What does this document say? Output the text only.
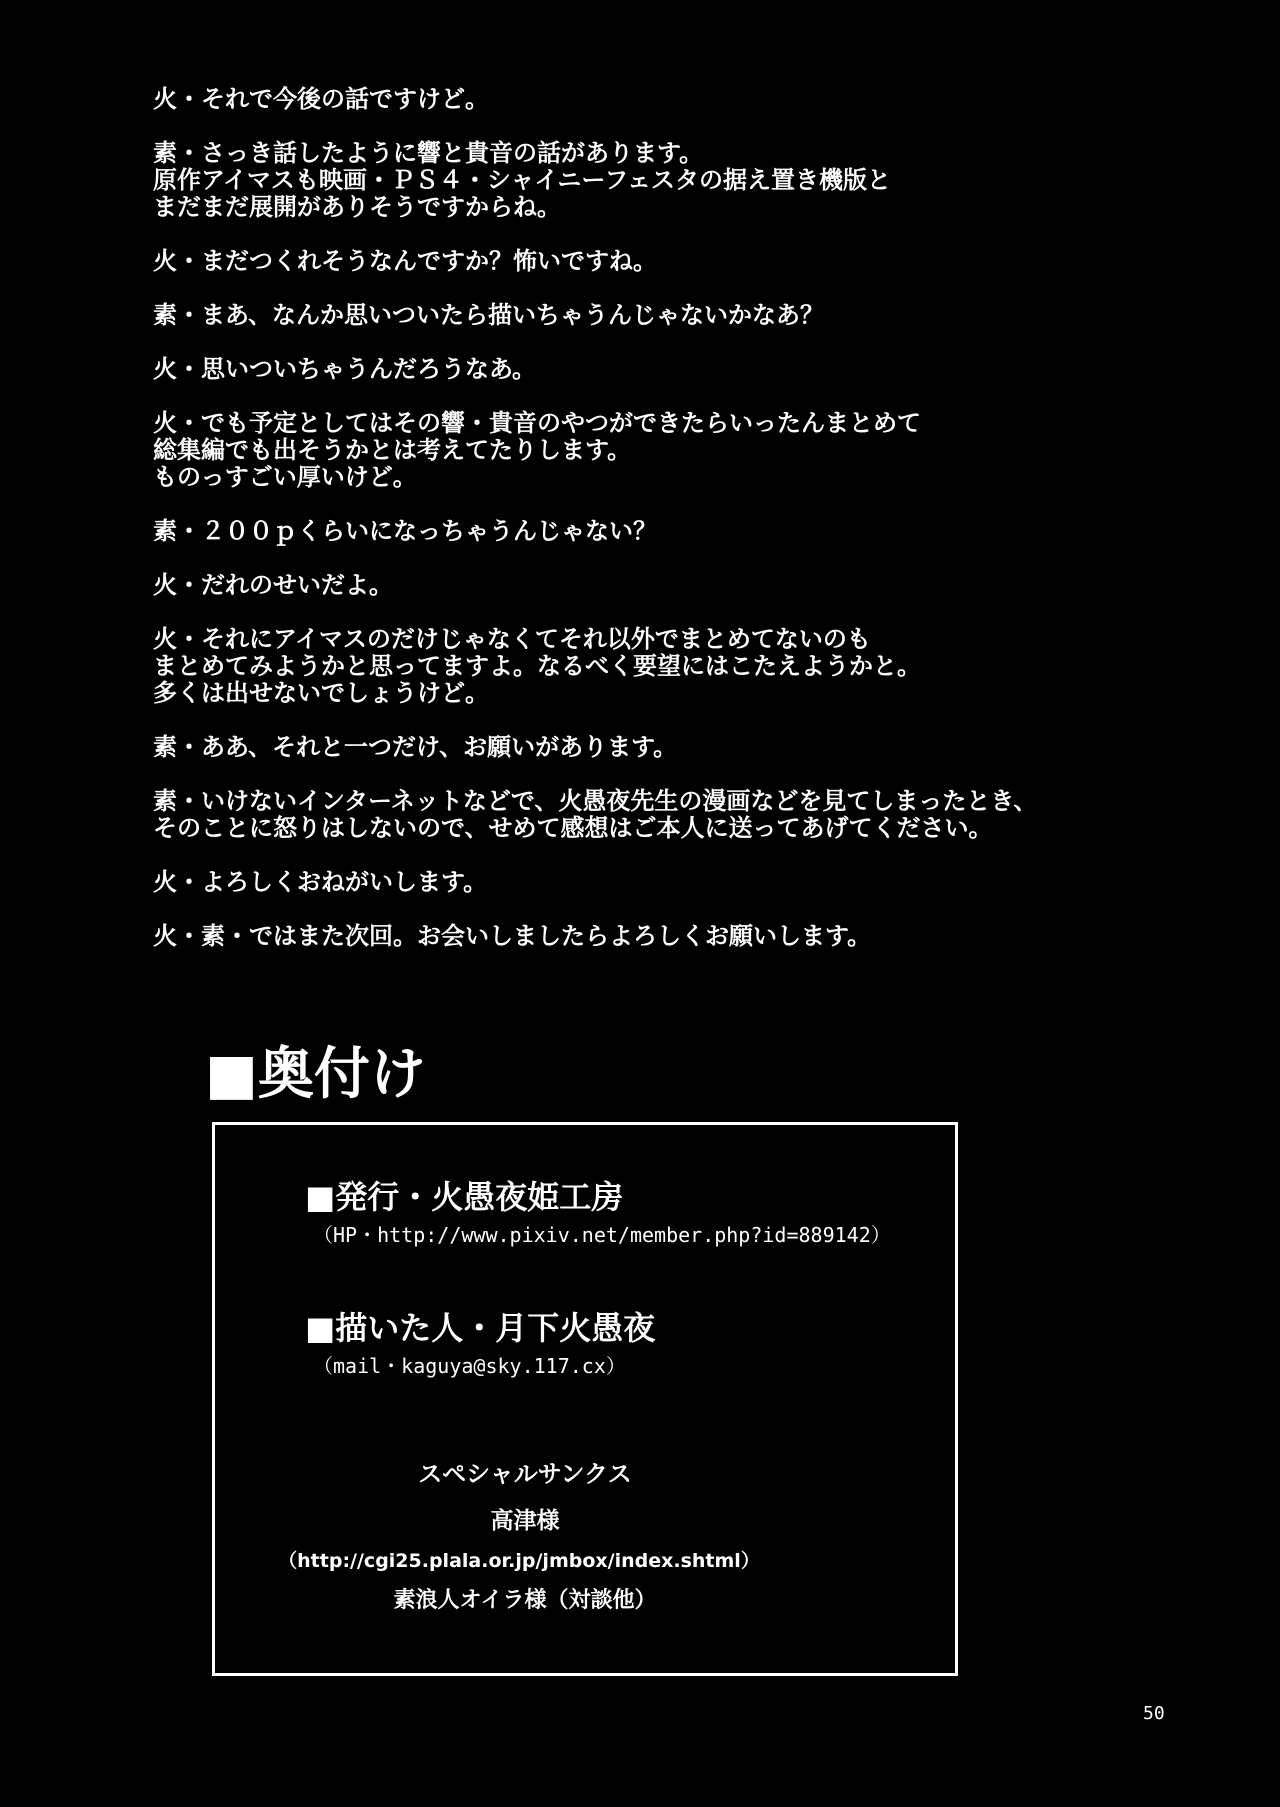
火・それで今後の話ですけど。

素・さっき話したように響と貴音の話があります。
原作アイマスも映画・ＰＳ４・シャイニーフェスタの据え置き機版と
まだまだ展開がありそうですからね。

火・まだつくれそうなんですか？怖いですね。

素・まあ、なんか思いついたら描いちゃうんじゃないかなあ？

火・思いついちゃうんだろうなあ。

火・でも予定としてはその響・貴音のやつができたらいったんまとめて
総集編でも出そうかとは考えてたりします。
ものっすごい厚いけど。

素・２００ｐくらいになっちゃうんじゃない？

火・だれのせいだよ。

火・それにアイマスのだけじゃなくてそれ以外でまとめてないのも
まとめてみようかと思ってますよ。なるべく要望にはこたえようかと。
多くは出せないでしょうけど。

素・ああ、それと一つだけ、お願いがあります。

素・いけないインターネットなどで、火愚夜先生の漫画などを見てしまったとき、
そのことに怒りはしないので、せめて感想はご本人に送ってあげてください。

火・よろしくおねがいします。

火・素・ではまた次回。お会いしましたらよろしくお願いします。

■奥付け
■発行・火愚夜姫工房
（HP・http://www.pixiv.net/member.php?id=889142）
■描いた人・月下火愚夜
（mail・kaguya@sky.117.cx）
スペシャルサンクス
高津様
（http://cgi25.plala.or.jp/jmbox/index.shtml）
素浪人オイラ様（対談他）
50
